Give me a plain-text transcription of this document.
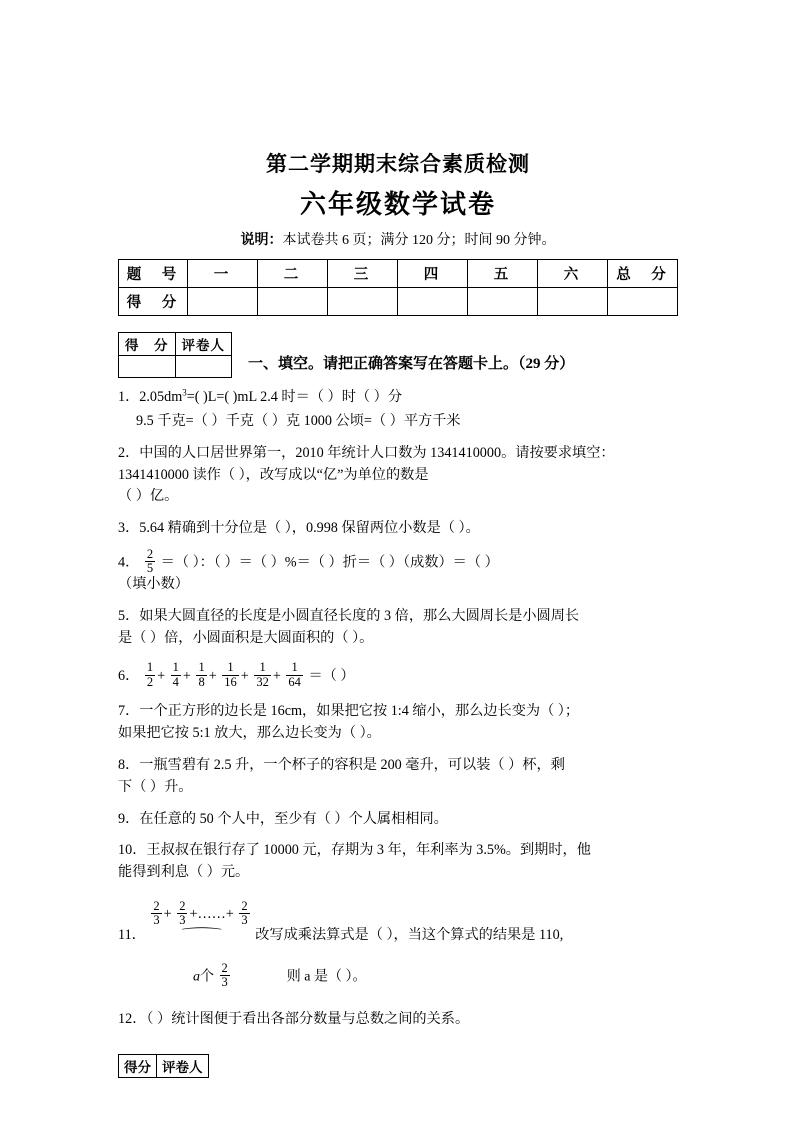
第二学期期末综合素质检测
六年级数学试卷
说明：本试卷共 6 页；满分 120 分；时间 90 分钟。
题　号	一	二	三	四	五	六	总　分
得　分							
得　分	评卷人

一、填空。请把正确答案写在答题卡上。（29 分）
1．$2.05dm^3=$( )L=( )mL 2.4 时＝（ ）时（ ）分
9.5 千克=（ ）千克（ ）克 1000 公顷=（ ）平方千米
2．中国的人口居世界第一，2010 年统计人口数为 1341410000。请按要求填空：
1341410000 读作（ ），改写成以“亿”为单位的数是
（ ）亿。
3．5.64 精确到十分位是（ ），0.998 保留两位小数是（ ）。
4． $\frac{2}{5}$ ＝（ ）：（ ）＝（ ）%＝（ ）折＝（ ）（成数）＝（ ）
（填小数）
5．如果大圆直径的长度是小圆直径长度的 3 倍，那么大圆周长是小圆周长
是（ ）倍，小圆面积是大圆面积的（ ）。
6． $\frac{1}{2} + \frac{1}{4} + \frac{1}{8} + \frac{1}{16} + \frac{1}{32} + \frac{1}{64}$ ＝（ ）
7．一个正方形的边长是 16cm，如果把它按 1:4 缩小，那么边长变为（ ）；
如果把它按 5:1 放大，那么边长变为（ ）。
8．一瓶雪碧有 2.5 升，一个杯子的容积是 200 毫升，可以装（ ）杯，剩
下（ ）升。
9．在任意的 50 个人中，至少有（ ）个人属相相同。
10．王叔叔在银行存了 10000 元，存期为 3 年，年利率为 3.5%。到期时，他
能得到利息（ ）元。
11．
$\frac{2}{3} + \frac{2}{3}$ +……+ $\frac{2}{3}$
⏜	改写成乘法算式是（ ），当这个算式的结果是 110,
a个 $\frac{2}{3}$	则 a 是（ ）。
12．（ ）统计图便于看出各部分数量与总数之间的关系。
得分	评卷人
